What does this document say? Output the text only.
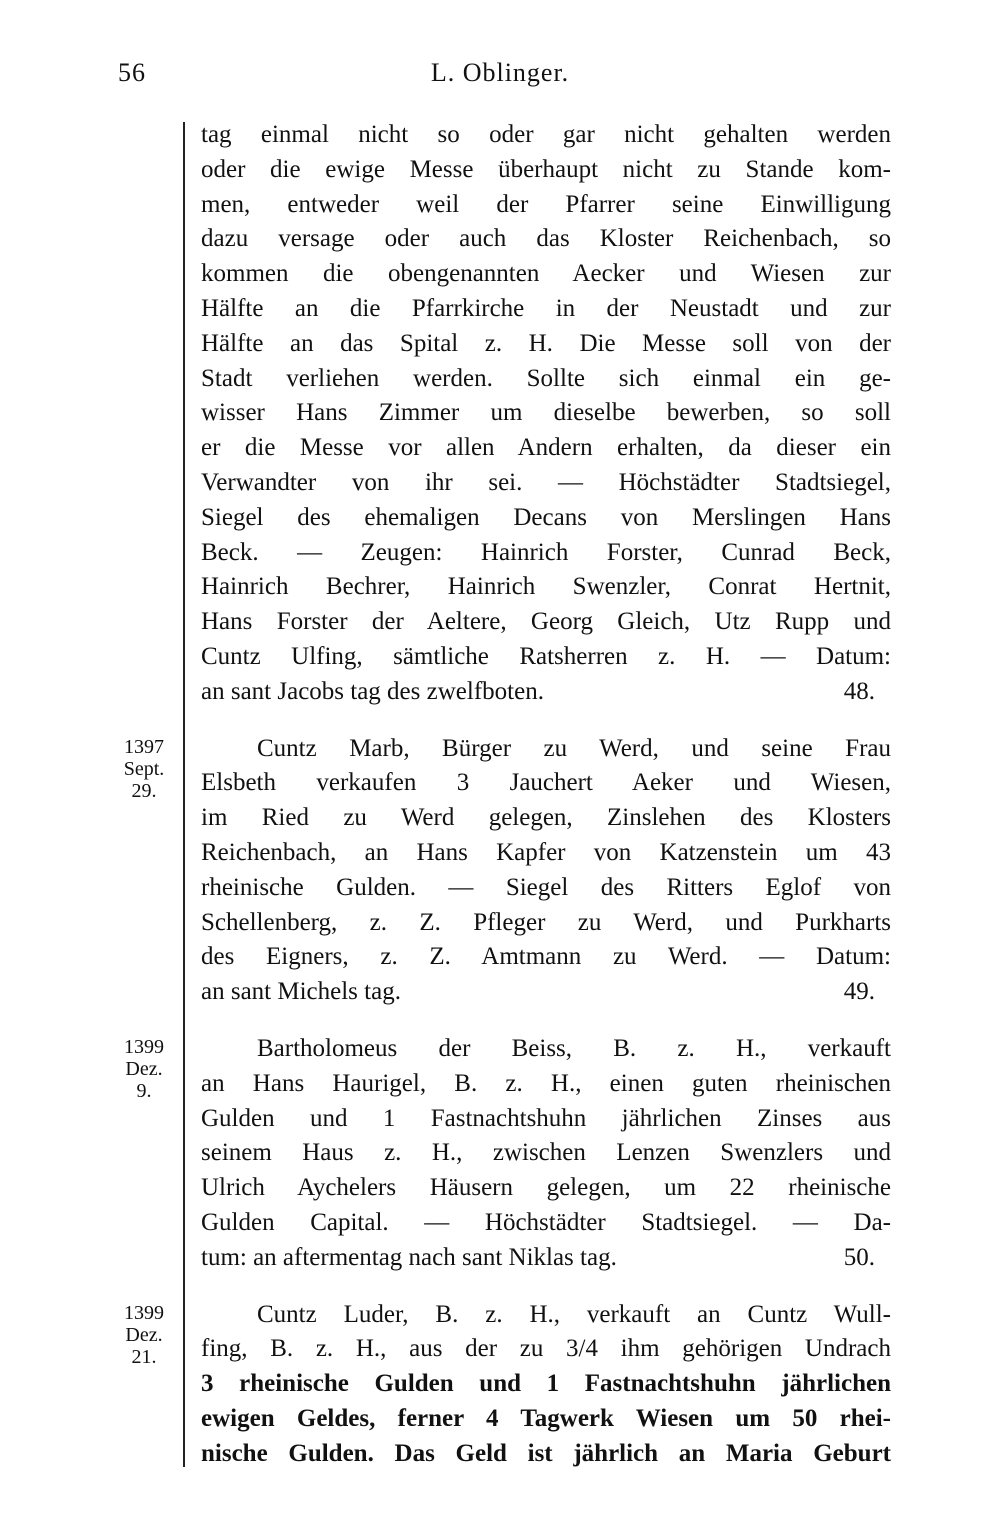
56	L. Oblinger.
tag einmal nicht so oder gar nicht gehalten werden
oder die ewige Messe überhaupt nicht zu Stande kom-
men, entweder weil der Pfarrer seine Einwilligung
dazu versage oder auch das Kloster Reichenbach, so
kommen die obengenannten Aecker und Wiesen zur
Hälfte an die Pfarrkirche in der Neustadt und zur
Hälfte an das Spital z. H. Die Messe soll von der
Stadt verliehen werden. Sollte sich einmal ein ge-
wisser Hans Zimmer um dieselbe bewerben, so soll
er die Messe vor allen Andern erhalten, da dieser ein
Verwandter von ihr sei. — Höchstädter Stadtsiegel,
Siegel des ehemaligen Decans von Merslingen Hans
Beck. — Zeugen: Hainrich Forster, Cunrad Beck,
Hainrich Bechrer, Hainrich Swenzler, Conrat Hertnit,
Hans Forster der Aeltere, Georg Gleich, Utz Rupp und
Cuntz Ulfing, sämtliche Ratsherren z. H. — Datum:
an sant Jacobs tag des zwelfboten.	48.
1397
Sept.
29.
Cuntz Marb, Bürger zu Werd, und seine Frau
Elsbeth verkaufen 3 Jauchert Aeker und Wiesen,
im Ried zu Werd gelegen, Zinslehen des Klosters
Reichenbach, an Hans Kapfer von Katzenstein um 43
rheinische Gulden. — Siegel des Ritters Eglof von
Schellenberg, z. Z. Pfleger zu Werd, und Purkharts
des Eigners, z. Z. Amtmann zu Werd. — Datum:
an sant Michels tag.	49.
1399
Dez.
9.
Bartholomeus der Beiss, B. z. H., verkauft
an Hans Haurigel, B. z. H., einen guten rheinischen
Gulden und 1 Fastnachtshuhn jährlichen Zinses aus
seinem Haus z. H., zwischen Lenzen Swenzlers und
Ulrich Aychelers Häusern gelegen, um 22 rheinische
Gulden Capital. — Höchstädter Stadtsiegel. — Da-
tum: an aftermentag nach sant Niklas tag.	50.
1399
Dez.
21.
Cuntz Luder, B. z. H., verkauft an Cuntz Wull-
fing, B. z. H., aus der zu 3/4 ihm gehörigen Undrach
3 rheinische Gulden und 1 Fastnachtshuhn jährlichen
ewigen Geldes, ferner 4 Tagwerk Wiesen um 50 rhei-
nische Gulden. Das Geld ist jährlich an Maria Geburt
